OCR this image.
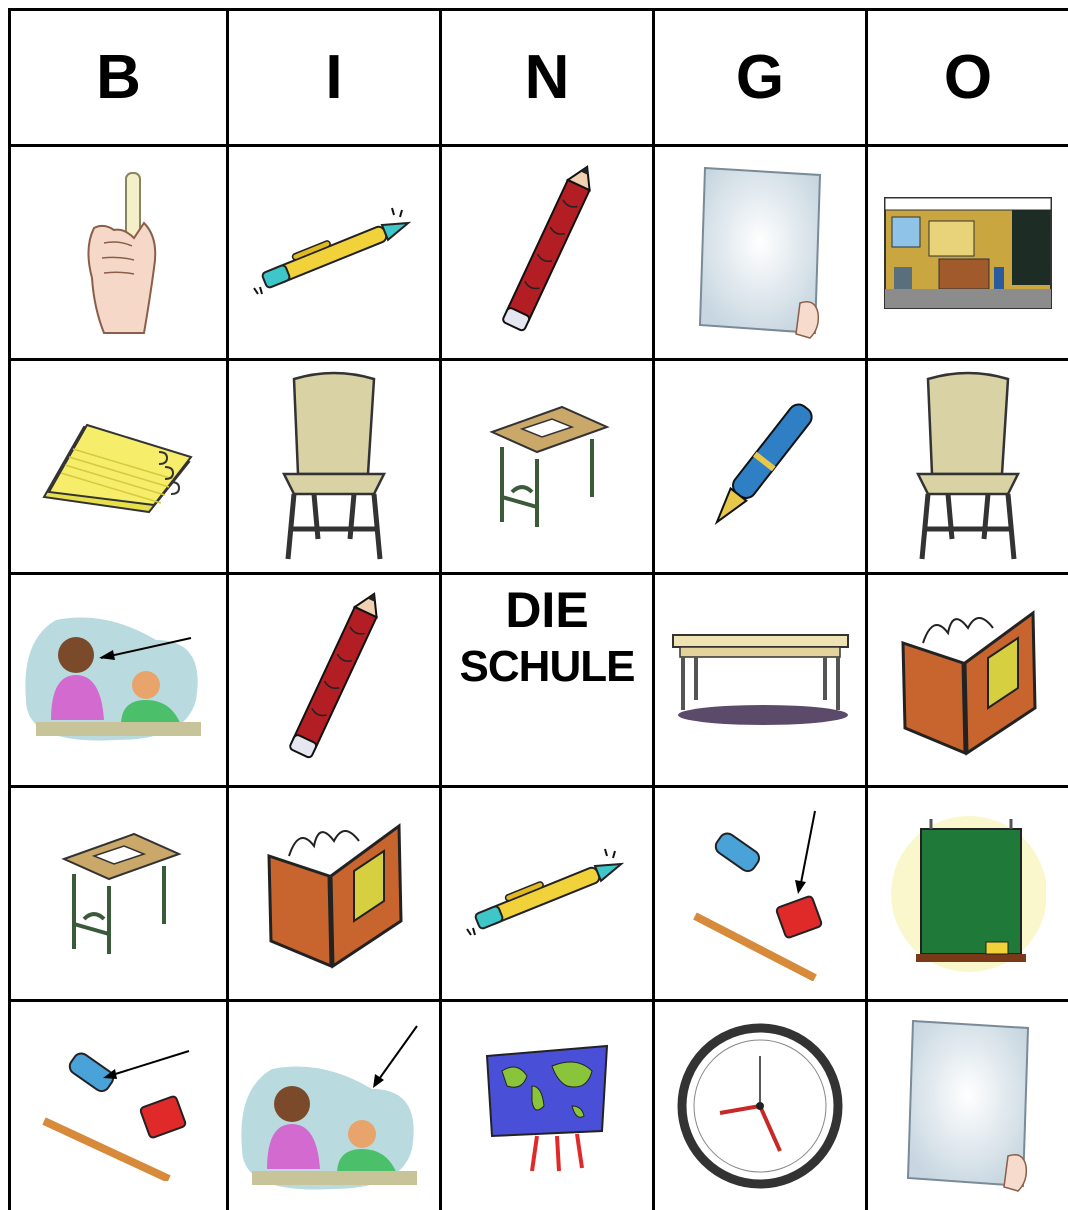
B	I	N	G	O
DIE
SCHULE
